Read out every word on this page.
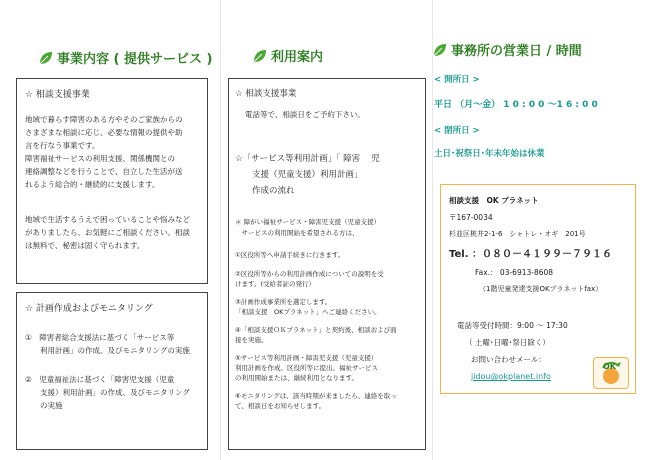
事業内容 ( 提供サービス )
☆ 相談支援事業
地域で暮らす障害のある方やそのご家族からの
さまざまな相談に応じ、必要な情報の提供や助
言を行なう事業です。
障害福祉サービスの利用支援、関係機関との
連絡調整などを行うことで、自立した生活が送
れるよう総合的・継続的に支援します。
地域で生活するうえで困っていることや悩みなど
がありましたら、お気軽にご相談ください。相談
は無料で、秘密は固く守られます。
☆ 計画作成およびモニタリング
①　障害者総合支援法に基づく「サービス等
　　利用計画」の作成、及びモニタリングの実施
②　児童福祉法に基づく「障害児支援（児童
　　支援）利用計画」の作成、及びモニタリング
　　の実施
利用案内
☆ 相談支援事業
電話等で、相談日をご予約下さい。
☆「サービス等利用計画」「 障害　 児
　　支援（児童支援）利用計画」
　　作成の流れ
＊ 障がい福祉サービス・障害児支援（児童支援）
　サービスの利用開始を希望される方は、
①区役所等へ申請手続きに行きます。
②区役所等からの利用計画作成についての説明を受
けます。(受給者証の発行）
③計画作成事業所を選定します。
「相談支援　OKプラネット」へご連絡ください。
④「相談支援ＯＫプラネット」と契約後、相談および面
接を実施。
⑤サービス等利用計画・障害児支援（児童支援）
利用計画を作成、区役所等に提出。福祉サービス
の利用開始または、継続利用となります。
⑥モニタリングは、該当時期が来ましたら、連絡を取っ
て、相談日をお知らせします。
事務所の営業日 / 時間
< 開所日 >
平日 （月～金） 1 0 : 0 0 ～1 6 : 0 0
< 閉所日 >
土日･祝祭日･年末年始は休業
相談支援　OK プラネット
〒167-0034
杉並区桃井2-1-6　シャトレ・オギ　201号
Tel. ：０８０－４１９９－７９１６
Fax.： 03-6913-8608
（1階児童発達支援OKプラネットfax）
電話等受付時間：9:00 ～ 17:30
（ 土曜･日曜･祭日除く）
お問い合わせメール：
jidou@okplanet.info
OK
